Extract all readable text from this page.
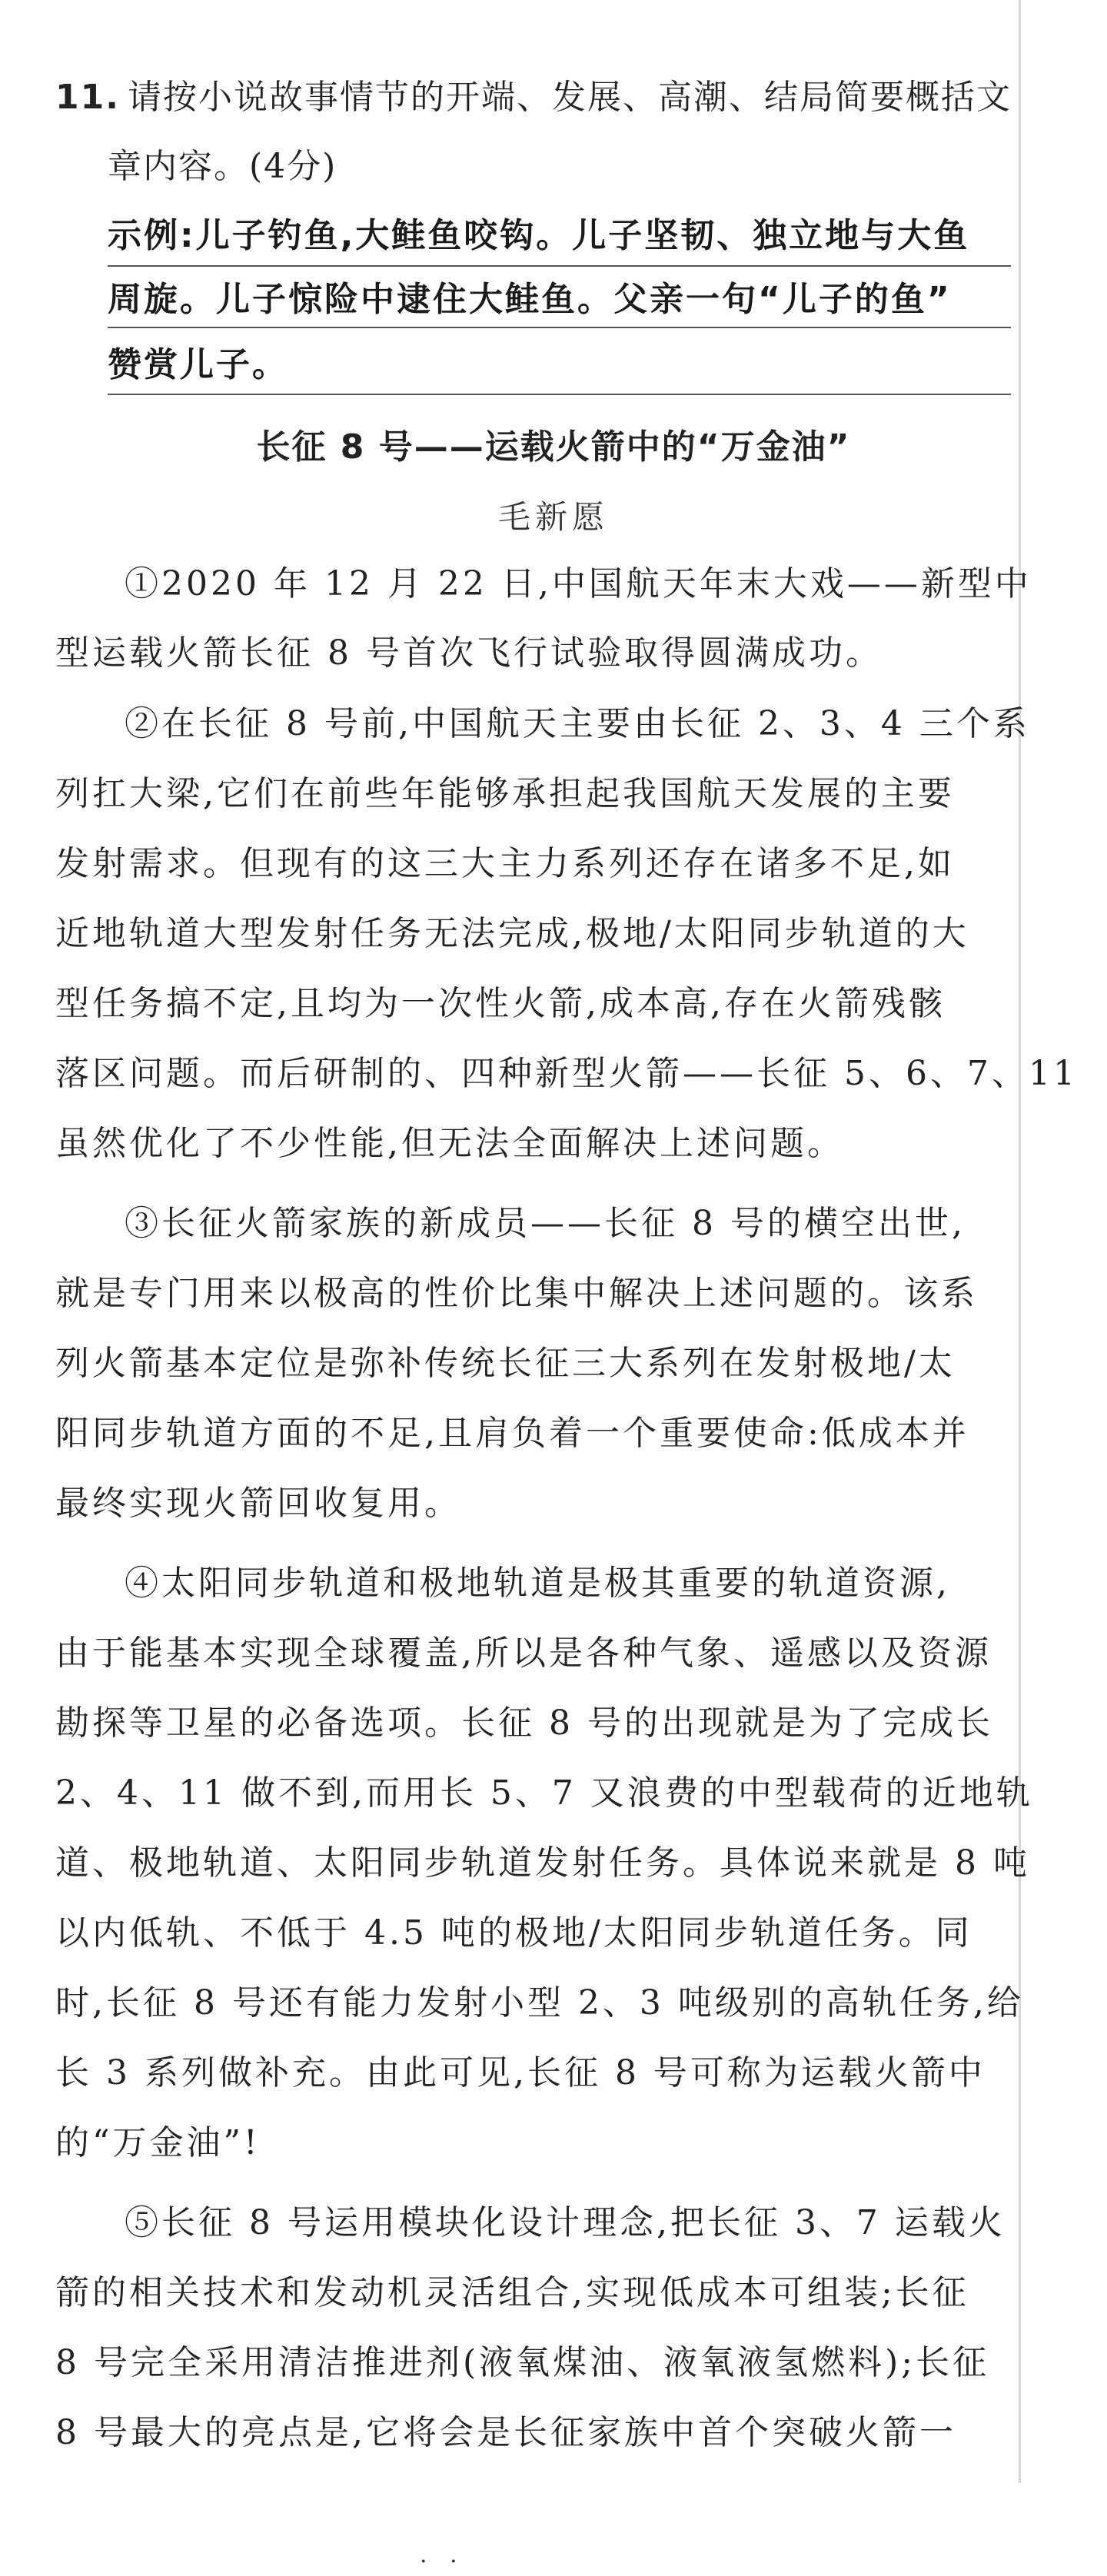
11. 请按小说故事情节的开端、发展、高潮、结局简要概括文
章内容。(4分)
示例:儿子钓鱼,大鲑鱼咬钩。儿子坚韧、独立地与大鱼
周旋。儿子惊险中逮住大鲑鱼。父亲一句“儿子的鱼”
赞赏儿子。
长征 8 号——运载火箭中的“万金油”
毛新愿
①2020 年 12 月 22 日,中国航天年末大戏——新型中
型运载火箭长征 8 号首次飞行试验取得圆满成功。
②在长征 8 号前,中国航天主要由长征 2、3、4 三个系
列扛大梁,它们在前些年能够承担起我国航天发展的主要
发射需求。但现有的这三大主力系列还存在诸多不足,如
近地轨道大型发射任务无法完成,极地/太阳同步轨道的大
型任务搞不定,且均为一次性火箭,成本高,存在火箭残骸
落区问题。而后研制的、四种新型火箭——长征 5、6、7、11
虽然优化了不少性能,但无法全面解决上述问题。
③长征火箭家族的新成员——长征 8 号的横空出世,
就是专门用来以极高的性价比集中解决上述问题的。该系
列火箭基本定位是弥补传统长征三大系列在发射极地/太
阳同步轨道方面的不足,且肩负着一个重要使命:低成本并
最终实现火箭回收复用。
④太阳同步轨道和极地轨道是极其重要的轨道资源,
由于能基本实现全球覆盖,所以是各种气象、遥感以及资源
勘探等卫星的必备选项。长征 8 号的出现就是为了完成长
2、4、11 做不到,而用长 5、7 又浪费的中型载荷的近地轨
道、极地轨道、太阳同步轨道发射任务。具体说来就是 8 吨
以内低轨、不低于 4.5 吨的极地/太阳同步轨道任务。同
时,长征 8 号还有能力发射小型 2、3 吨级别的高轨任务,给
长 3 系列做补充。由此可见,长征 8 号可称为运载火箭中
的“万金油”!
⑤长征 8 号运用模块化设计理念,把长征 3、7 运载火
箭的相关技术和发动机灵活组合,实现低成本可组装;长征
8 号完全采用清洁推进剂(液氧煤油、液氧液氢燃料);长征
8 号最大的亮点是,它将会是长征家族中首个突破火箭一
· ·
